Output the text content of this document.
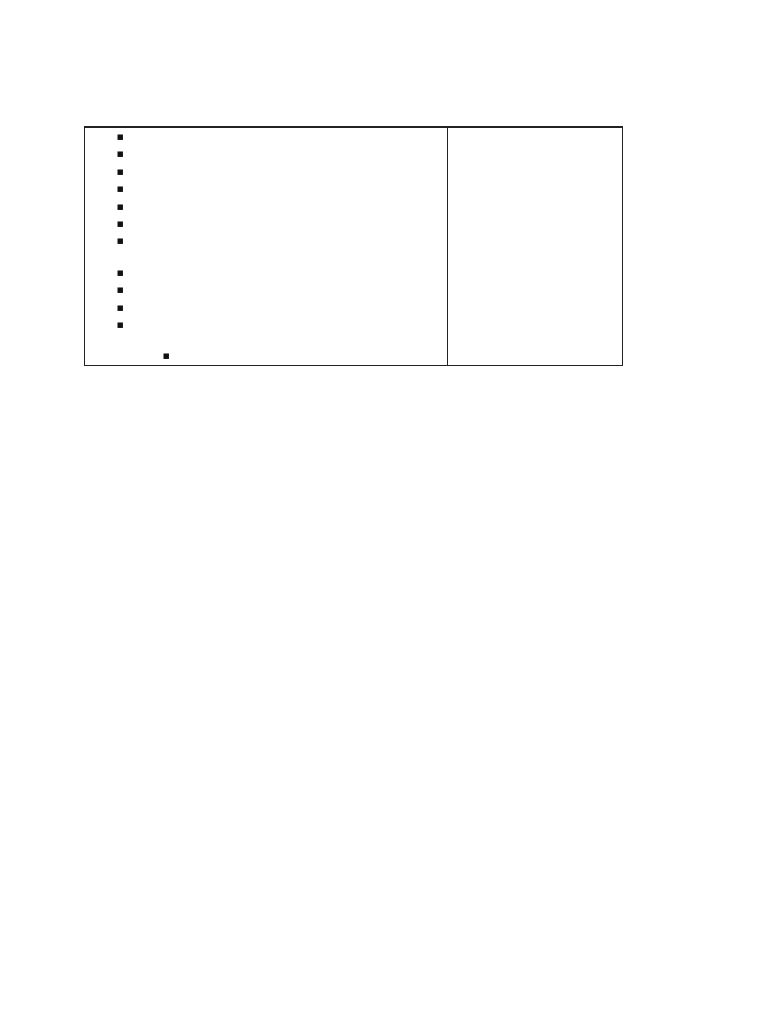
▪
▪
▪
▪
▪
▪
▪
▪
▪
▪
▪
▪
